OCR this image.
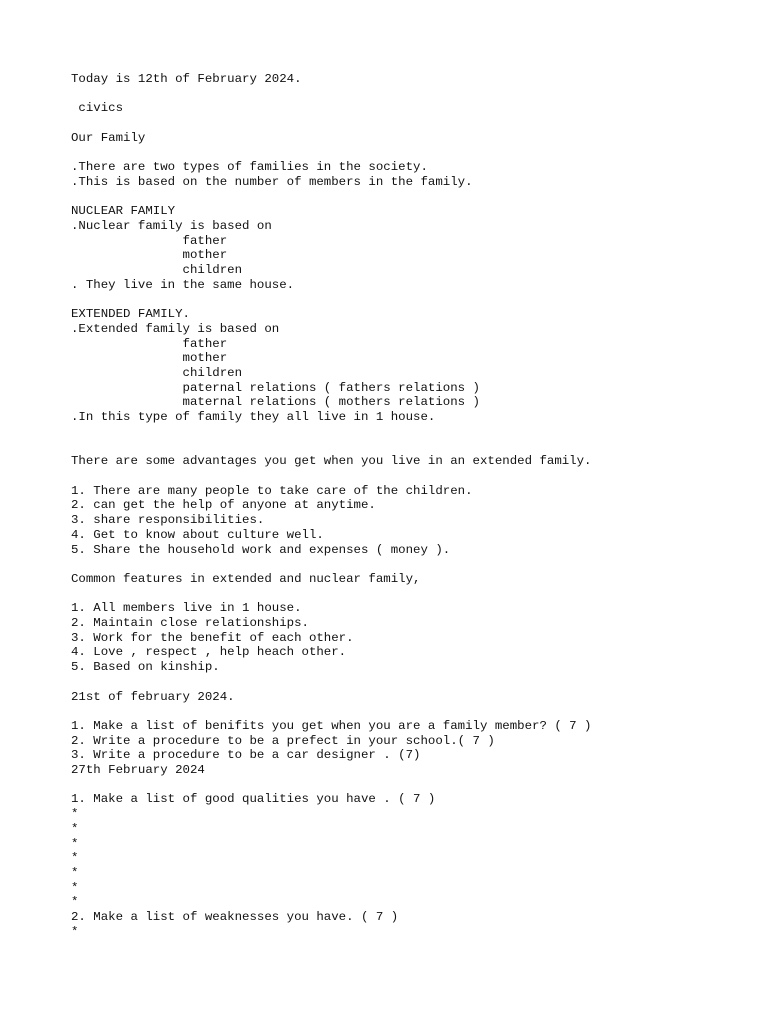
Today is 12th of February 2024.

civics

Our Family

.There are two types of families in the society.
.This is based on the number of members in the family.

NUCLEAR FAMILY
.Nuclear family is based on
father
mother
children
. They live in the same house.

EXTENDED FAMILY.
.Extended family is based on
father
mother
children
paternal relations ( fathers relations )
maternal relations ( mothers relations )
.In this type of family they all live in 1 house.

There are some advantages you get when you live in an extended family.

1. There are many people to take care of the children.
2. can get the help of anyone at anytime.
3. share responsibilities.
4. Get to know about culture well.
5. Share the household work and expenses ( money ).

Common features in extended and nuclear family,

1. All members live in 1 house.
2. Maintain close relationships.
3. Work for the benefit of each other.
4. Love , respect , help heach other.
5. Based on kinship.

21st of february 2024.

1. Make a list of benifits you get when you are a family member? ( 7 )
2. Write a procedure to be a prefect in your school.( 7 )
3. Write a procedure to be a car designer . (7)
27th February 2024

1. Make a list of good qualities you have . ( 7 )
*
*
*
*
*
*
*
2. Make a list of weaknesses you have. ( 7 )
*
